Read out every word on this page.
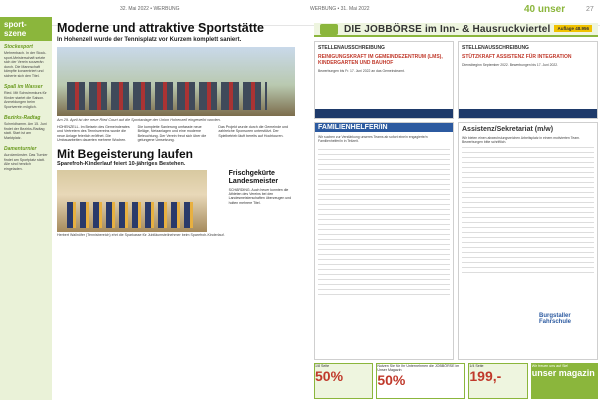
32. Mai 2022 • WERBUNG	WERBUNG • 31. Mai 2022	40 unser	27
sport-szene
Stockesport

Mehrenbach. In der Stock- sport-Meisterschaft setzte sich der Verein souverän durch. Die Mannschaft kämpfte konzentriert und sicherte sich den Titel.

Spaß im Wasser

Ried. Mit Schwimmkurs für Kinder startet die Saison. Anmeldungen beim Sportverein möglich.

Bezirks-Radtag

Schmidhamm. Am 15. Juni findet der Bezirks-Radtag statt. Start ist am Marktplatz.

Damenturnier

Aurolzmünster. Das Turnier findet am Sportplatz statt. Alle sind herzlich eingeladen.

Moderne und attraktive Sportstätte
In Hohenzell wurde der Tennisplatz vor Kurzem komplett saniert.
Am 29. April ist der neue Ried Court auf die Sportanlage der Union Hohenzell eingeweiht worden.

HOHENZELL. Im Beisein des Gemeinderates und Vertretern des Tennisvereins wurde die neue Anlage feierlich eröffnet. Die Umbauarbeiten dauerten mehrere Wochen.

Die komplette Sanierung umfasste neue Beläge, Netzanlagen und eine moderne Beleuchtung. Der Verein freut sich über die gelungene Umsetzung.

Das Projekt wurde durch die Gemeinde und zahlreiche Sponsoren unterstützt. Der Spielbetrieb läuft bereits auf Hochtouren.

Mit Begeisterung laufen
Sparefroh-Kinderlauf feiert 10-jähriges Bestehen.
Herbert Wallnöfer (Tennisbereich) ehrt die Sparkasse für Jubiläumsteilnehmer beim Sparefroh-Kinderlauf.
Frischgekürte Landesmeister

SCHÄRDING. Auch heuer konnten die Athleten des Vereins bei den Landesmeisterschaften überzeugen und holten mehrere Titel.

DIE JOBBÖRSE im Inn- & Hausruckviertel	Auflage 48.956
STELLENAUSSCHREIBUNG
REINIGUNGSKRAFT IM GEMEINDEZENTRUM (LMS), KINDERGARTEN UND BAUHOF

Bewerbungen bis Fr. 17. Juni 2022 an das Gemeindeamt.

STELLENAUSSCHREIBUNG
STÜTZKRAFT ASSISTENZ FÜR INTEGRATION

Dienstbeginn September 2022. Bewerbungen bis 17. Juni 2022.

FAMILIENHELFER/IN

Wir suchen zur Verstärkung unseres Teams ab sofort eine/n engagierte/n Familienhelfer/in in Teilzeit.

Assistenz/Sekretariat (m/w)

Wir bieten einen abwechslungsreichen Arbeitsplatz in einem motivierten Team. Bewerbungen bitte schriftlich.

Burgstaller Fahrschule
1/8 Seite
50%
Nutzen Sie für Ihr Unternehmen die JOBBÖRSE im Unser Magazin
50%
1/4 Seite
199,-
Wir freuen uns auf Sie!
unser magazin
